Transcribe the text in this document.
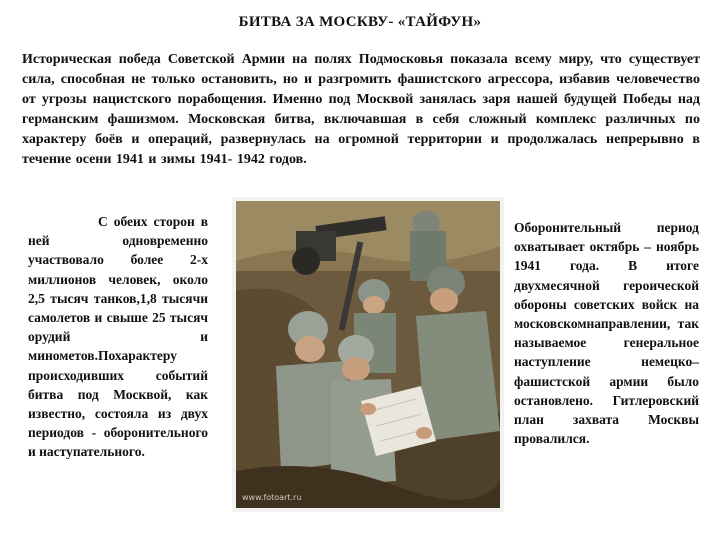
БИТВА ЗА МОСКВУ- «ТАЙФУН»
Историческая победа Советской Армии на полях Подмосковья показала всему миру, что существует сила, способная не только остановить, но и разгромить фашистского агрессора, избавив человечество от угрозы нацистского порабощения. Именно под Москвой занялась заря нашей будущей Победы над германским фашизмом. Московская битва, включавшая в себя сложный комплекс различных по характеру боёв и операций, развернулась на огромной территории и продолжалась непрерывно в течение осени 1941 и зимы 1941- 1942 годов.
С обеих сторон в ней одновременно участвовало более 2-х миллионов человек, около 2,5 тысяч танков,1,8 тысячи самолетов и свыше 25 тысяч орудий и минометов.Похарактеру происходивших событий битва под Москвой, как известно, состояла из двух периодов - оборонительного и наступательного.
www.fotoart.ru
Оборонительный период охватывает октябрь – ноябрь 1941 года. В итоге двухмесячной героической обороны советских войск на московскомнаправлении, так называемое генеральное наступление немецко–фашистской армии было остановлено. Гитлеровский план захвата Москвы провалился.
